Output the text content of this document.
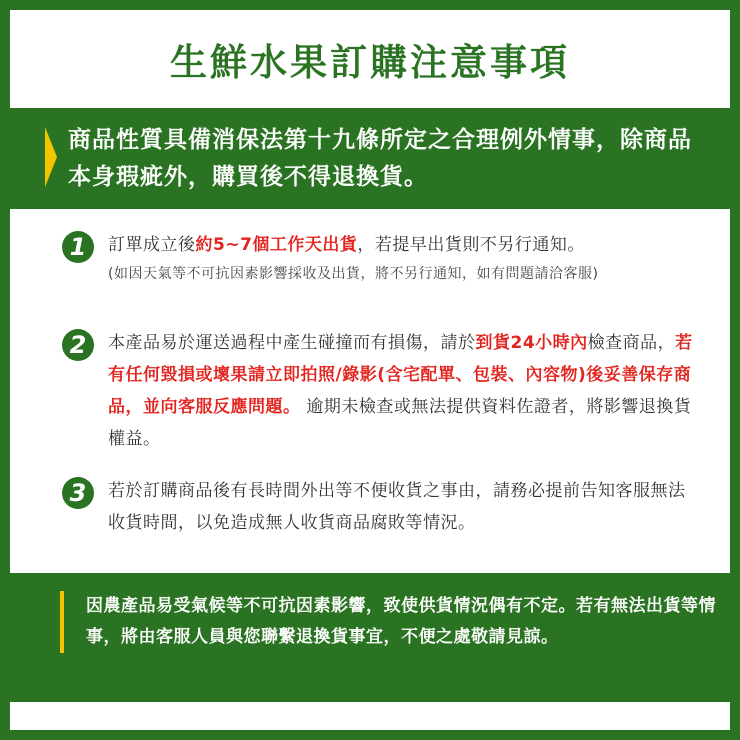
生鮮水果訂購注意事項
商品性質具備消保法第十九條所定之合理例外情事，除商品本身瑕疵外，購買後不得退換貨。
1	訂單成立後約5~7個工作天出貨，若提早出貨則不另行通知。
(如因天氣等不可抗因素影響採收及出貨，將不另行通知，如有問題請洽客服)
2	本產品易於運送過程中產生碰撞而有損傷，請於到貨24小時內檢查商品，若有任何毀損或壞果請立即拍照/錄影(含宅配單、包裝、內容物)後妥善保存商品，並向客服反應問題。 逾期未檢查或無法提供資料佐證者，將影響退換貨權益。
3	若於訂購商品後有長時間外出等不便收貨之事由，請務必提前告知客服無法收貨時間，以免造成無人收貨商品腐敗等情況。
因農產品易受氣候等不可抗因素影響，致使供貨情況偶有不定。若有無法出貨等情事，將由客服人員與您聯繫退換貨事宜，不便之處敬請見諒。
